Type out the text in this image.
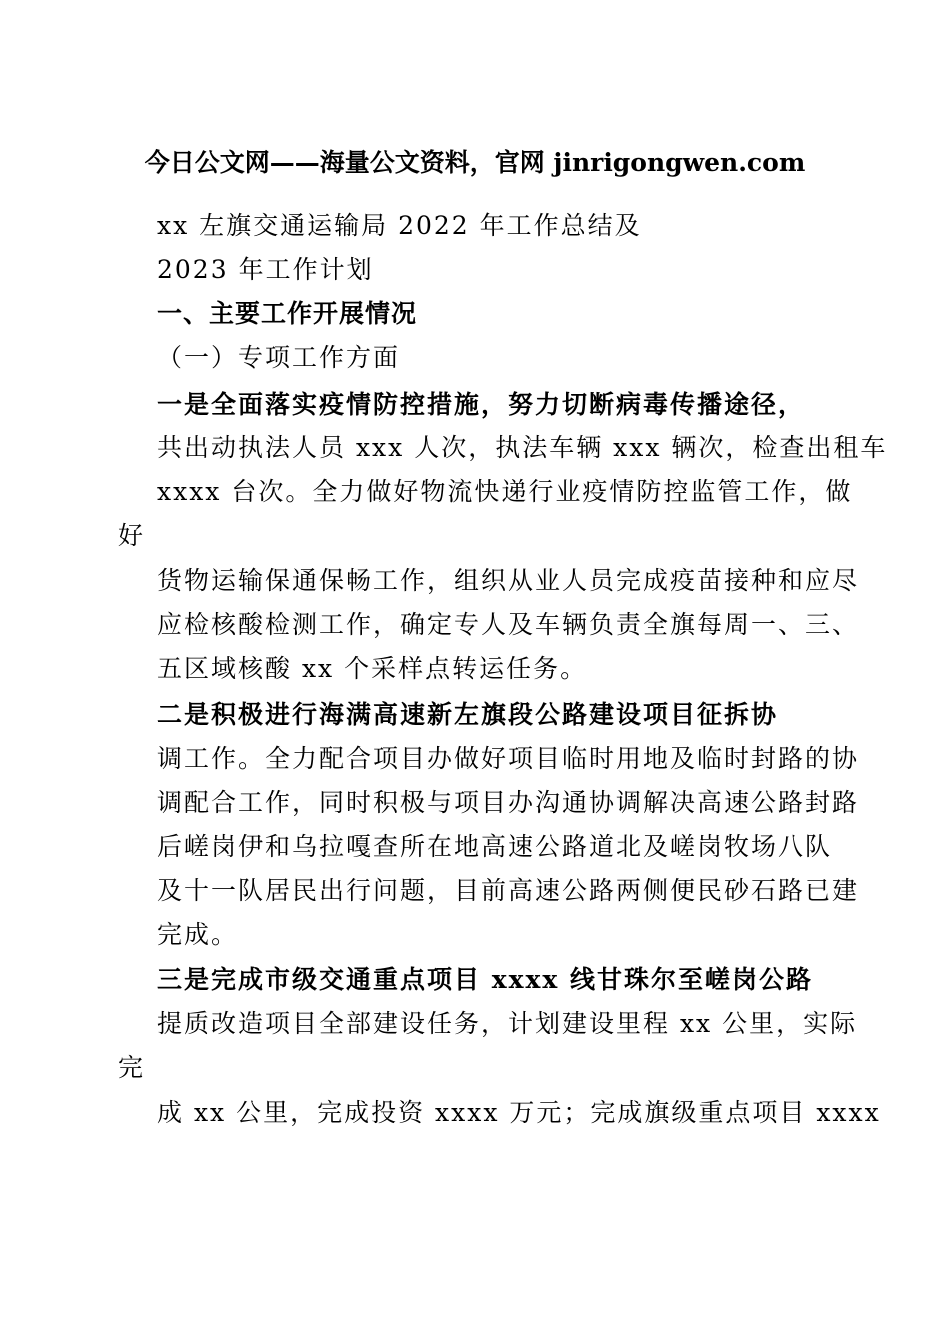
今日公文网——海量公文资料，官网 jinrigongwen.com
xx 左旗交通运输局 2022 年工作总结及
2023 年工作计划
一、主要工作开展情况
（一）专项工作方面
一是全面落实疫情防控措施，努力切断病毒传播途径，
共出动执法人员 xxx 人次，执法车辆 xxx 辆次，检查出租车
xxxx 台次。全力做好物流快递行业疫情防控监管工作，做
好
货物运输保通保畅工作，组织从业人员完成疫苗接种和应尽
应检核酸检测工作，确定专人及车辆负责全旗每周一、三、
五区域核酸 xx 个采样点转运任务。
二是积极进行海满高速新左旗段公路建设项目征拆协
调工作。全力配合项目办做好项目临时用地及临时封路的协
调配合工作，同时积极与项目办沟通协调解决高速公路封路
后嵯岗伊和乌拉嘎查所在地高速公路道北及嵯岗牧场八队
及十一队居民出行问题，目前高速公路两侧便民砂石路已建
完成。
三是完成市级交通重点项目 xxxx 线甘珠尔至嵯岗公路
提质改造项目全部建设任务，计划建设里程 xx 公里，实际
完
成 xx 公里，完成投资 xxxx 万元；完成旗级重点项目 xxxx
